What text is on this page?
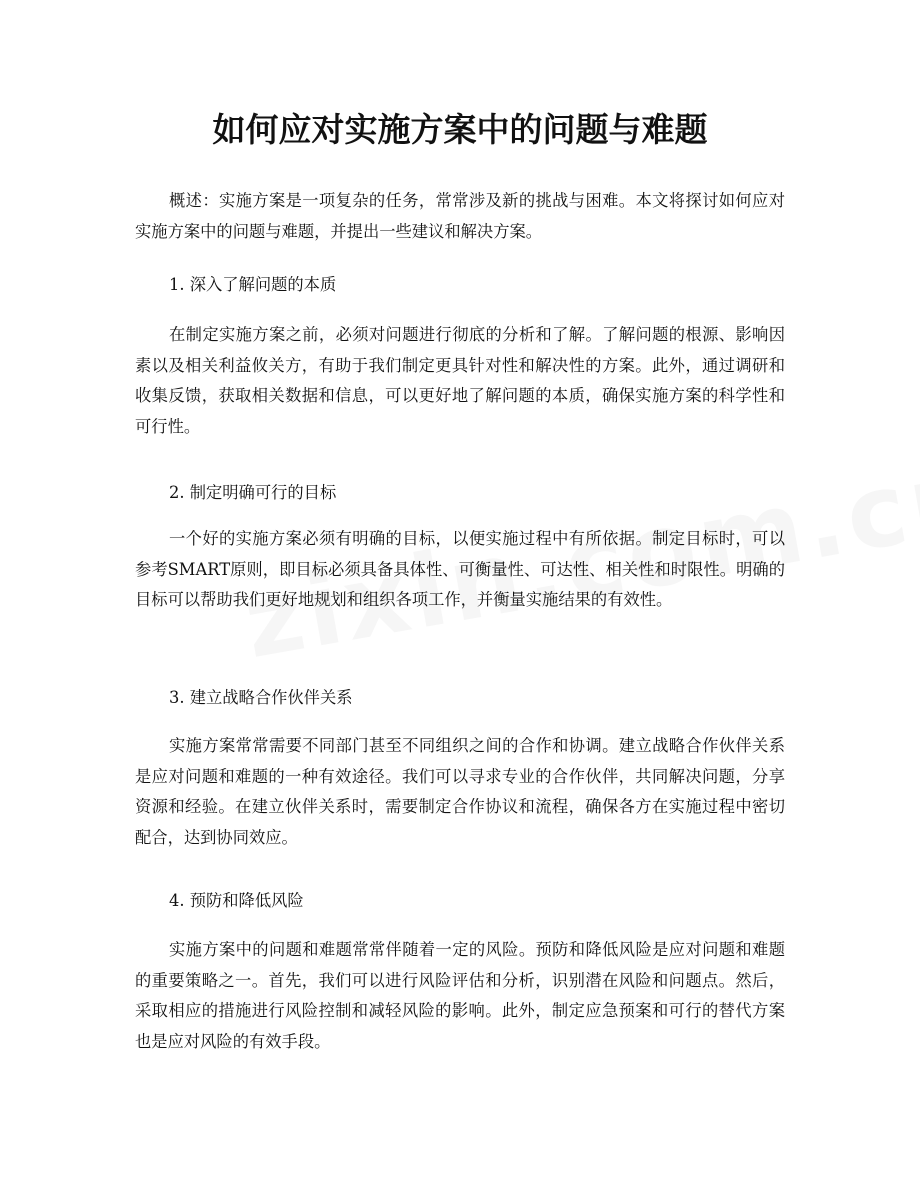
如何应对实施方案中的问题与难题

概述：实施方案是一项复杂的任务，常常涉及新的挑战与困难。本文将探讨如何应对实施方案中的问题与难题，并提出一些建议和解决方案。

1. 深入了解问题的本质

在制定实施方案之前，必须对问题进行彻底的分析和了解。了解问题的根源、影响因素以及相关利益攸关方，有助于我们制定更具针对性和解决性的方案。此外，通过调研和收集反馈，获取相关数据和信息，可以更好地了解问题的本质，确保实施方案的科学性和可行性。

2. 制定明确可行的目标

一个好的实施方案必须有明确的目标，以便实施过程中有所依据。制定目标时，可以参考SMART原则，即目标必须具备具体性、可衡量性、可达性、相关性和时限性。明确的目标可以帮助我们更好地规划和组织各项工作，并衡量实施结果的有效性。

3. 建立战略合作伙伴关系

实施方案常常需要不同部门甚至不同组织之间的合作和协调。建立战略合作伙伴关系是应对问题和难题的一种有效途径。我们可以寻求专业的合作伙伴，共同解决问题，分享资源和经验。在建立伙伴关系时，需要制定合作协议和流程，确保各方在实施过程中密切配合，达到协同效应。

4. 预防和降低风险

实施方案中的问题和难题常常伴随着一定的风险。预防和降低风险是应对问题和难题的重要策略之一。首先，我们可以进行风险评估和分析，识别潜在风险和问题点。然后，采取相应的措施进行风险控制和减轻风险的影响。此外，制定应急预案和可行的替代方案也是应对风险的有效手段。
